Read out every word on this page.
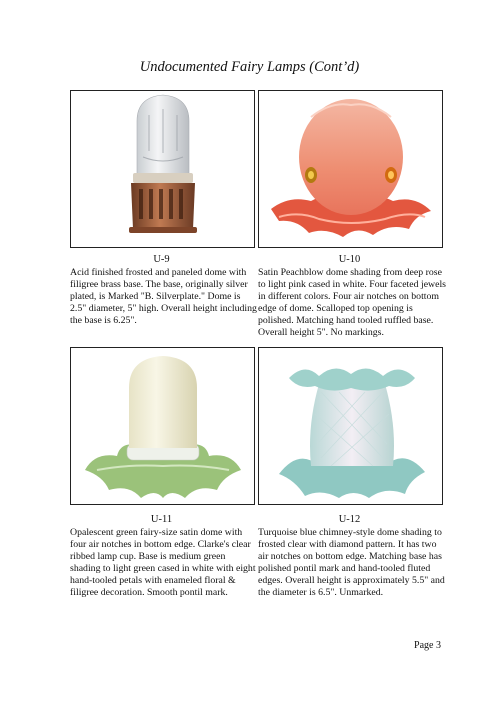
Undocumented Fairy Lamps (Cont’d)
U-9
Acid finished frosted and paneled dome with filigree brass base. The base, originally silver plated, is Marked "B. Silverplate." Dome is 2.5" diameter, 5" high. Overall height including the base is 6.25".
U-10
Satin Peachblow dome shading from deep rose to light pink cased in white. Four faceted jewels in different colors. Four air notches on bottom edge of dome. Scalloped top opening is polished. Matching hand tooled ruffled base. Overall height 5". No markings.
U-11
Opalescent green fairy-size satin dome with four air notches in bottom edge. Clarke's clear ribbed lamp cup. Base is medium green shading to light green cased in white with eight hand-tooled petals with enameled floral & filigree decoration. Smooth pontil mark.
U-12
Turquoise blue chimney-style dome shading to frosted clear with diamond pattern. It has two air notches on bottom edge. Matching base has polished pontil mark and hand-tooled fluted edges. Overall height is approximately 5.5" and the diameter is 6.5". Unmarked.
Page 3
